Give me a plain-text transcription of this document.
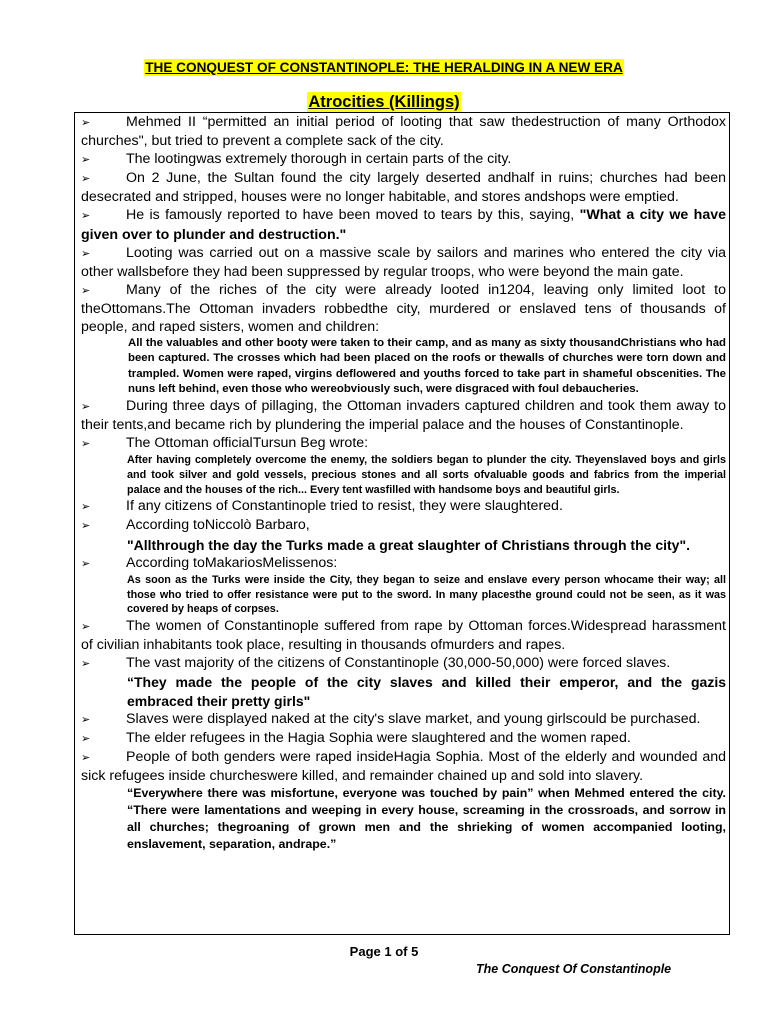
THE CONQUEST OF CONSTANTINOPLE: THE HERALDING IN A NEW ERA
Atrocities (Killings)

➢	Mehmed II “permitted an initial period of looting that saw thedestruction of many Orthodox churches", but tried to prevent a complete sack of the city.

➢	The lootingwas extremely thorough in certain parts of the city.

➢	On 2 June, the Sultan found the city largely deserted andhalf in ruins; churches had been desecrated and stripped, houses were no longer habitable, and stores andshops were emptied.

➢	He is famously reported to have been moved to tears by this, saying, "What a city we have given over to plunder and destruction."

➢	Looting was carried out on a massive scale by sailors and marines who entered the city via other wallsbefore they had been suppressed by regular troops, who were beyond the main gate.

➢	Many of the riches of the city were already looted in1204, leaving only limited loot to theOttomans.The Ottoman invaders robbedthe city, murdered or enslaved tens of thousands of people, and raped sisters, women and children:

All the valuables and other booty were taken to their camp, and as many as sixty thousandChristians who had been captured. The crosses which had been placed on the roofs or thewalls of churches were torn down and trampled. Women were raped, virgins deflowered and youths forced to take part in shameful obscenities. The nuns left behind, even those who wereobviously such, were disgraced with foul debaucheries.

➢	During three days of pillaging, the Ottoman invaders captured children and took them away to their tents,and became rich by plundering the imperial palace and the houses of Constantinople.

➢	The Ottoman officialTursun Beg wrote:

After having completely overcome the enemy, the soldiers began to plunder the city. Theyenslaved boys and girls and took silver and gold vessels, precious stones and all sorts ofvaluable goods and fabrics from the imperial palace and the houses of the rich... Every tent wasfilled with handsome boys and beautiful girls.

➢	If any citizens of Constantinople tried to resist, they were slaughtered.

➢	According toNiccolò Barbaro,

"Allthrough the day the Turks made a great slaughter of Christians through the city".

➢	According toMakariosMelissenos:

As soon as the Turks were inside the City, they began to seize and enslave every person whocame their way; all those who tried to offer resistance were put to the sword. In many placesthe ground could not be seen, as it was covered by heaps of corpses.

➢	The women of Constantinople suffered from rape by Ottoman forces.Widespread harassment of civilian inhabitants took place, resulting in thousands ofmurders and rapes.

➢	The vast majority of the citizens of Constantinople (30,000-50,000) were forced slaves.

“They made the people of the city slaves and killed their emperor, and the gazis embraced their pretty girls"

➢	Slaves were displayed naked at the city's slave market, and young girlscould be purchased.

➢	The elder refugees in the Hagia Sophia were slaughtered and the women raped.

➢	People of both genders were raped insideHagia Sophia. Most of the elderly and wounded and sick refugees inside churcheswere killed, and remainder chained up and sold into slavery.

“Everywhere there was misfortune, everyone was touched by pain” when Mehmed entered the city. “There were lamentations and weeping in every house, screaming in the crossroads, and sorrow in all churches; thegroaning of grown men and the shrieking of women accompanied looting, enslavement, separation, andrape.”

Page 1 of 5
The Conquest Of Constantinople
